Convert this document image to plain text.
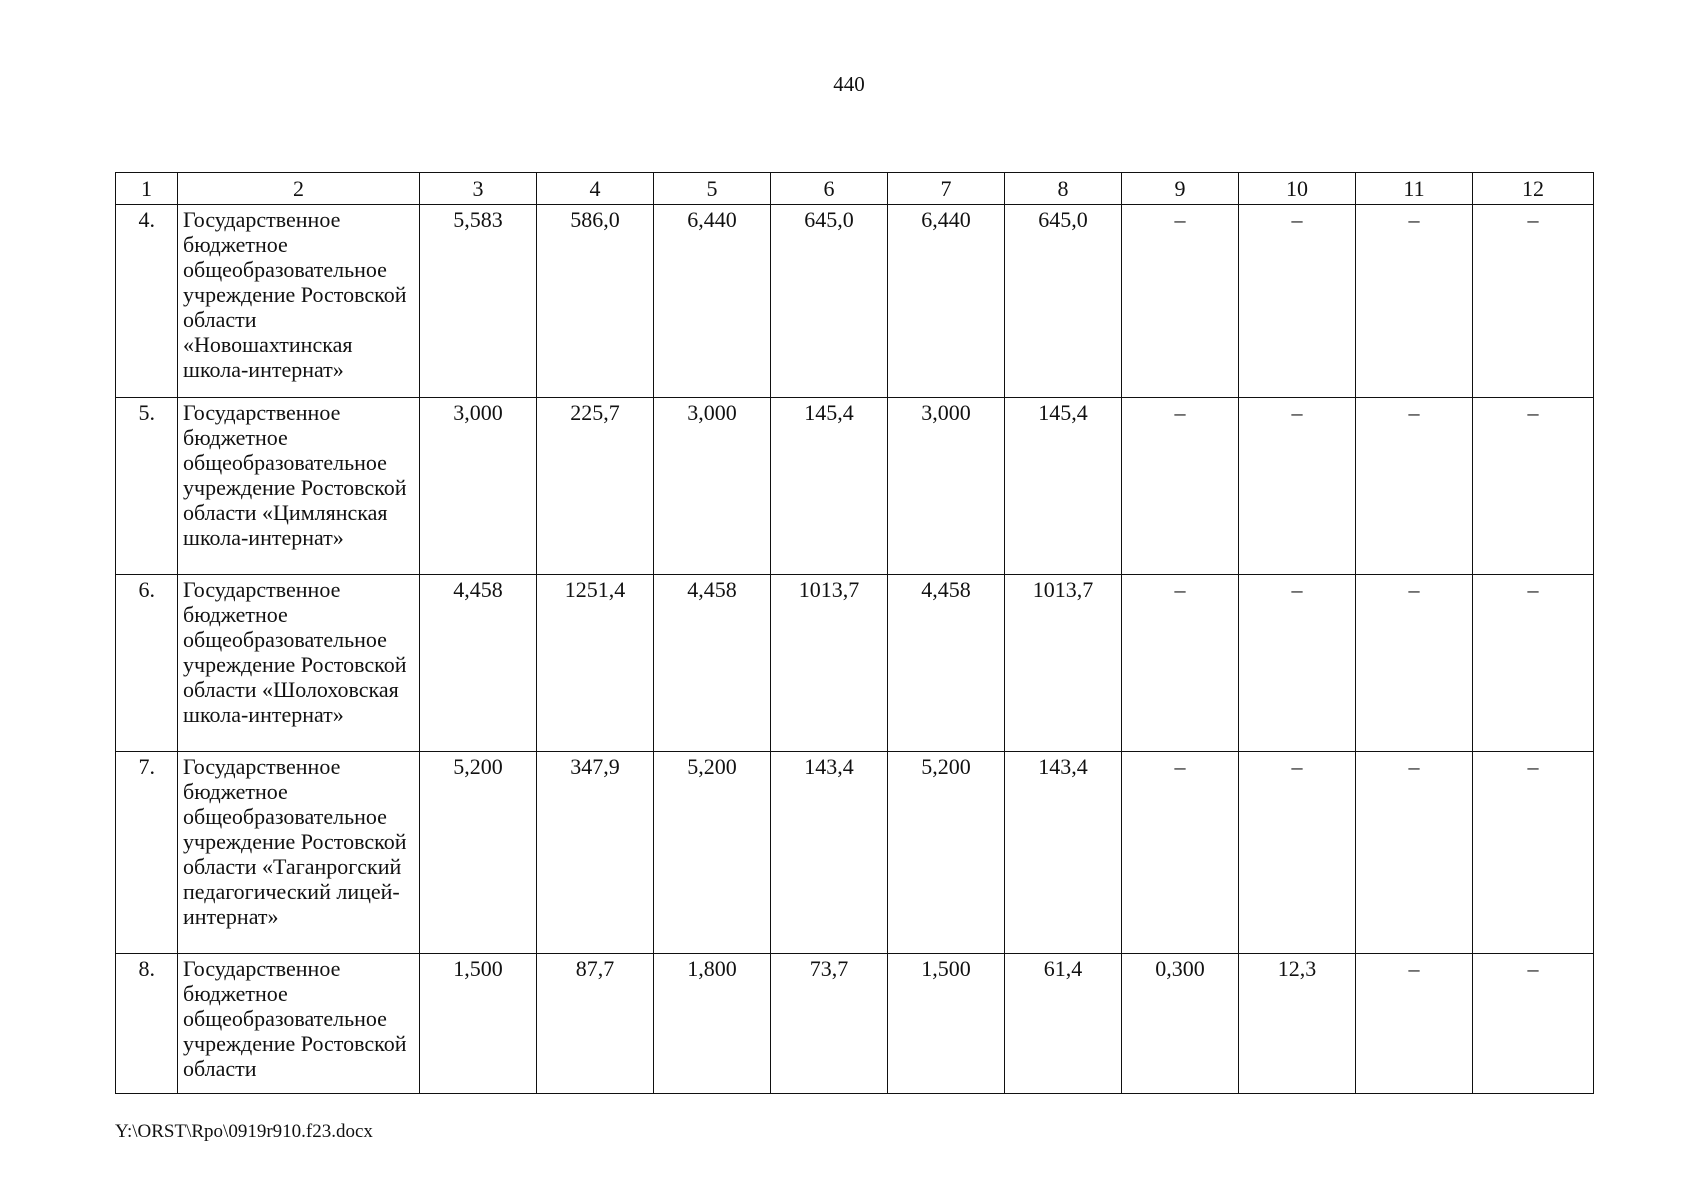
440
1	2	3	4	5	6	7	8	9	10	11	12
4.	Государственное бюджетное общеобразовательное учреждение Ростовской области «Новошахтинская школа-интернат»	5,583	586,0	6,440	645,0	6,440	645,0	–	–	–	–
5.	Государственное бюджетное общеобразовательное учреждение Ростовской области «Цимлянская школа-интернат»	3,000	225,7	3,000	145,4	3,000	145,4	–	–	–	–
6.	Государственное бюджетное общеобразовательное учреждение Ростовской области «Шолоховская школа-интернат»	4,458	1251,4	4,458	1013,7	4,458	1013,7	–	–	–	–
7.	Государственное бюджетное общеобразовательное учреждение Ростовской области «Таганрогский педагогический лицей-интернат»	5,200	347,9	5,200	143,4	5,200	143,4	–	–	–	–
8.	Государственное бюджетное общеобразовательное учреждение Ростовской области	1,500	87,7	1,800	73,7	1,500	61,4	0,300	12,3	–	–
Y:\ORST\Rpo\0919r910.f23.docx
